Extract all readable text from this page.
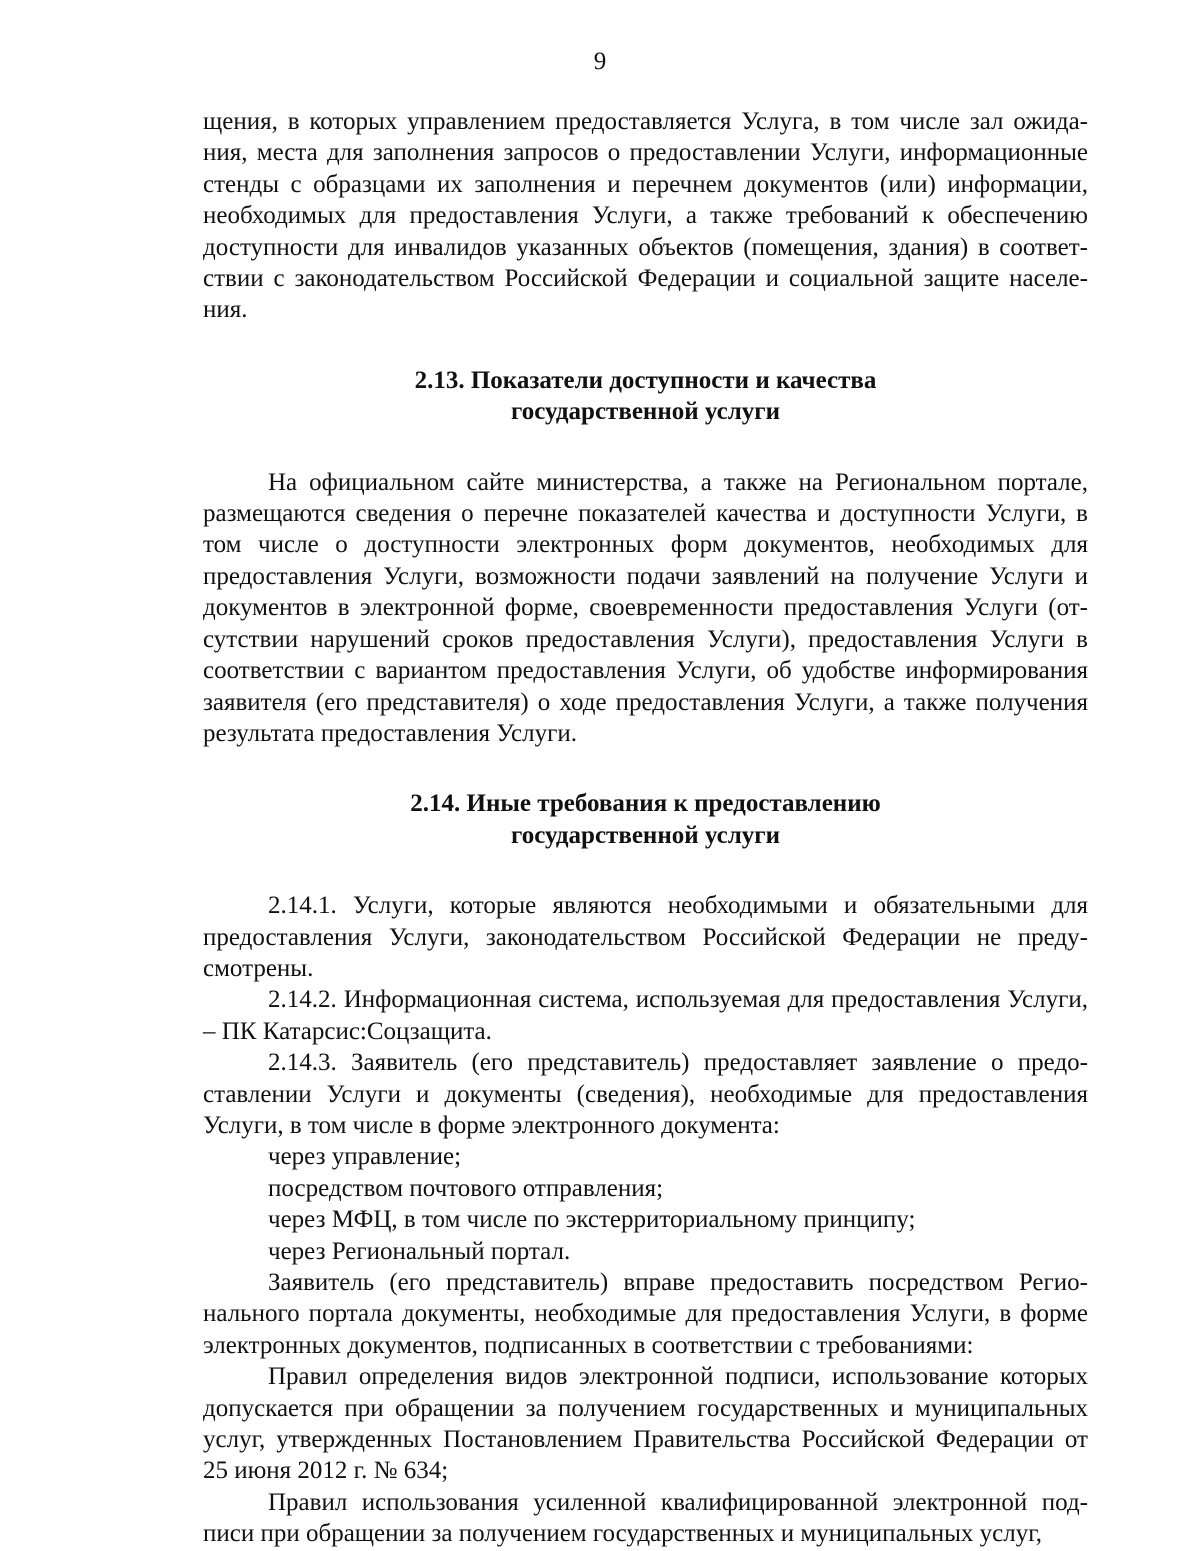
9

щения, в которых управлением предоставляется Услуга, в том числе зал ожидания, места для заполнения запросов о предоставлении Услуги, информационные стенды с образцами их заполнения и перечнем документов (или) информации, необходимых для предоставления Услуги, а также требований к обеспечению доступности для инвалидов указанных объектов (помещения, здания) в соответствии с законодательством Российской Федерации и социальной защите населения.

2.13. Показатели доступности и качества

государственной услуги

На официальном сайте министерства, а также на Региональном портале, размещаются сведения о перечне показателей качества и доступности Услуги, в том числе о доступности электронных форм документов, необходимых для предоставления Услуги, возможности подачи заявлений на получение Услуги и документов в электронной форме, своевременности предоставления Услуги (отсутствии нарушений сроков предоставления Услуги), предоставления Услуги в соответствии с вариантом предоставления Услуги, об удобстве информирования заявителя (его представителя) о ходе предоставления Услуги, а также получения результата предоставления Услуги.

2.14. Иные требования к предоставлению

государственной услуги

2.14.1. Услуги, которые являются необходимыми и обязательными для предоставления Услуги, законодательством Российской Федерации не предусмотрены.

2.14.2. Информационная система, используемая для предоставления Услуги, – ПК Катарсис:Соцзащита.

2.14.3. Заявитель (его представитель) предоставляет заявление о предоставлении Услуги и документы (сведения), необходимые для предоставления Услуги, в том числе в форме электронного документа:

через управление;

посредством почтового отправления;

через МФЦ, в том числе по экстерриториальному принципу;

через Региональный портал.

Заявитель (его представитель) вправе предоставить посредством Регионального портала документы, необходимые для предоставления Услуги, в форме электронных документов, подписанных в соответствии с требованиями:

Правил определения видов электронной подписи, использование которых допускается при обращении за получением государственных и муниципальных услуг, утвержденных Постановлением Правительства Российской Федерации от 25 июня 2012 г. № 634;

Правил использования усиленной квалифицированной электронной подписи при обращении за получением государственных и муниципальных услуг,
